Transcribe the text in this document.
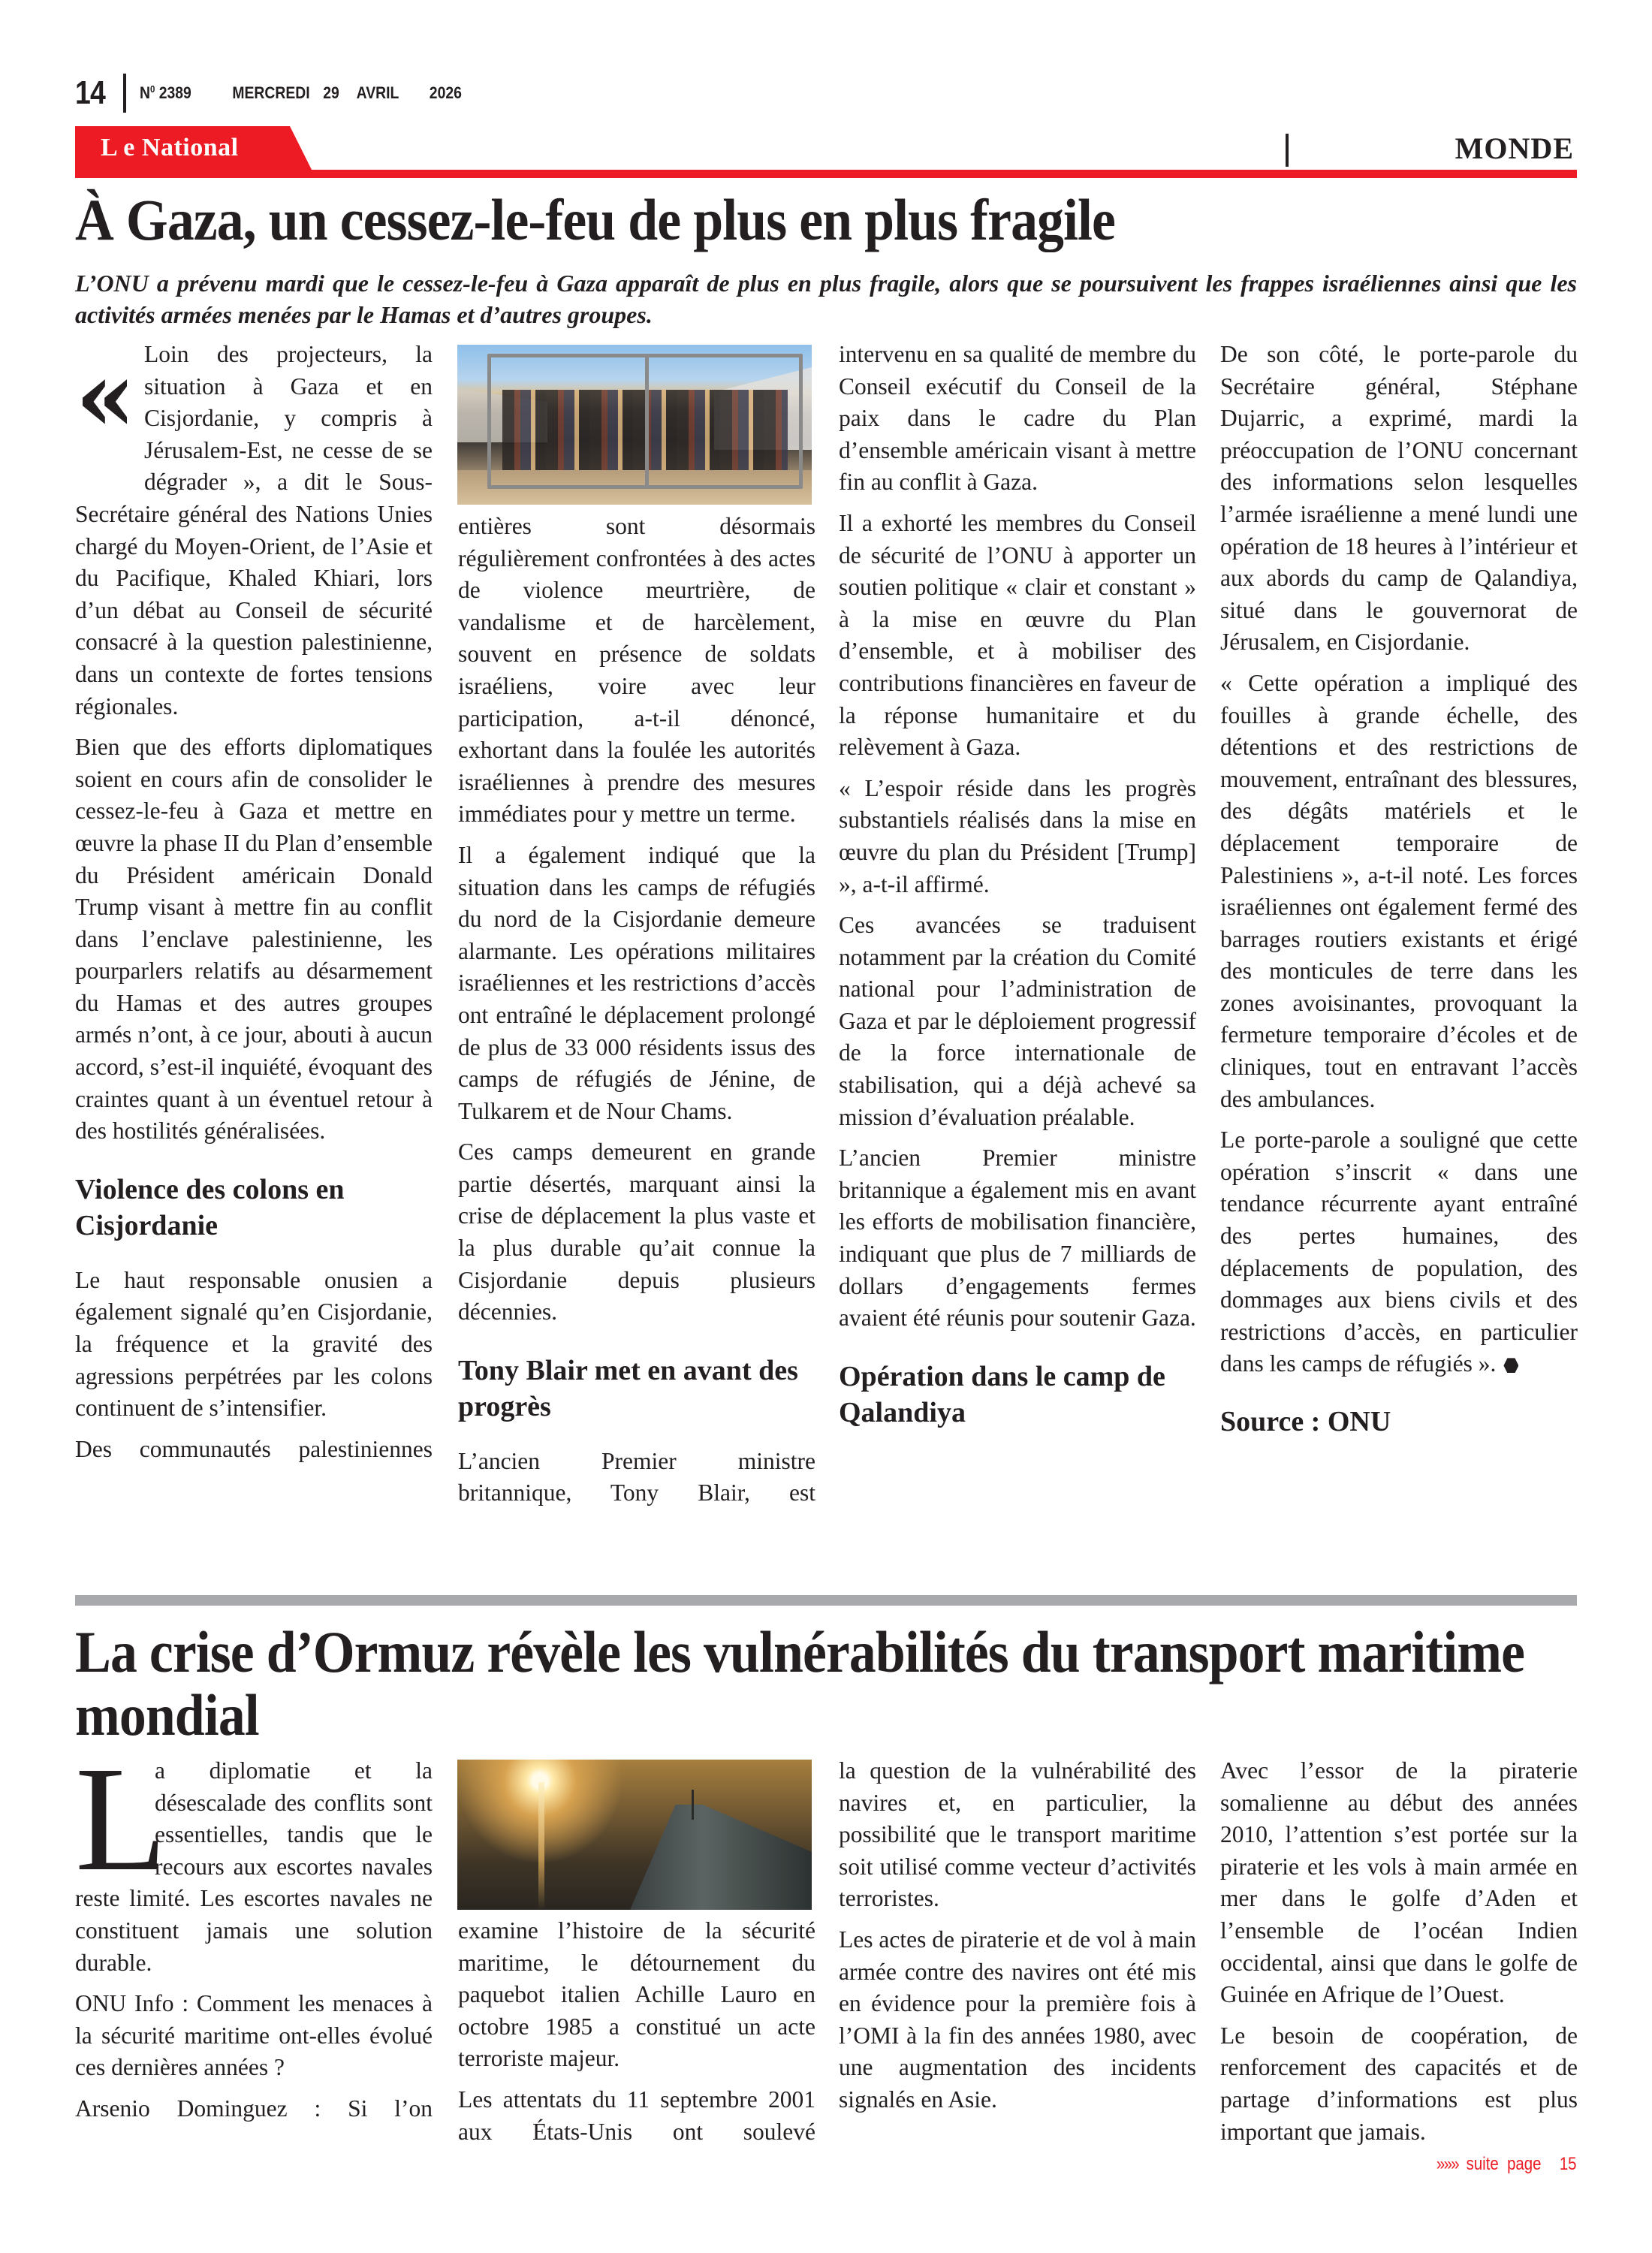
14	$N^0$ 2389 MERCREDI 29 AVRIL 2026
L e National	MONDE
À Gaza, un cessez-le-feu de plus en plus fragile

L’ONU a prévenu mardi que le cessez-le-feu à Gaza apparaît de plus en plus fragile, alors que se poursuivent les frappes israéliennes ainsi que les activités armées menées par le Hamas et d’autres groupes.

« Loin des projecteurs, la situation à Gaza et en Cisjordanie, y compris à Jérusalem-Est, ne cesse de se dégrader », a dit le Sous-Secrétaire général des Nations Unies chargé du Moyen-Orient, de l’Asie et du Pacifique, Khaled Khiari, lors d’un débat au Conseil de sécurité consacré à la question palestinienne, dans un contexte de fortes tensions régionales.

Bien que des efforts diplomatiques soient en cours afin de consolider le cessez-le-feu à Gaza et mettre en œuvre la phase II du Plan d’ensemble du Président américain Donald Trump visant à mettre fin au conflit dans l’enclave palestinienne, les pourparlers relatifs au désarmement du Hamas et des autres groupes armés n’ont, à ce jour, abouti à aucun accord, s’est-il inquiété, évoquant des craintes quant à un éventuel retour à des hostilités généralisées.

Violence des colons en Cisjordanie

Le haut responsable onusien a également signalé qu’en Cisjordanie, la fréquence et la gravité des agressions perpétrées par les colons continuent de s’intensifier.

Des communautés palestiniennes

entières sont désormais régulièrement confrontées à des actes de violence meurtrière, de vandalisme et de harcèlement, souvent en présence de soldats israéliens, voire avec leur participation, a-t-il dénoncé, exhortant dans la foulée les autorités israéliennes à prendre des mesures immédiates pour y mettre un terme.

Il a également indiqué que la situation dans les camps de réfugiés du nord de la Cisjordanie demeure alarmante. Les opérations militaires israéliennes et les restrictions d’accès ont entraîné le déplacement prolongé de plus de 33 000 résidents issus des camps de réfugiés de Jénine, de Tulkarem et de Nour Chams.

Ces camps demeurent en grande partie désertés, marquant ainsi la crise de déplacement la plus vaste et la plus durable qu’ait connue la Cisjordanie depuis plusieurs décennies.

Tony Blair met en avant des progrès

L’ancien Premier ministre britannique, Tony Blair, est

intervenu en sa qualité de membre du Conseil exécutif du Conseil de la paix dans le cadre du Plan d’ensemble américain visant à mettre fin au conflit à Gaza.

Il a exhorté les membres du Conseil de sécurité de l’ONU à apporter un soutien politique « clair et constant » à la mise en œuvre du Plan d’ensemble, et à mobiliser des contributions financières en faveur de la réponse humanitaire et du relèvement à Gaza.

« L’espoir réside dans les progrès substantiels réalisés dans la mise en œuvre du plan du Président [Trump] », a-t-il affirmé.

Ces avancées se traduisent notamment par la création du Comité national pour l’administration de Gaza et par le déploiement progressif de la force internationale de stabilisation, qui a déjà achevé sa mission d’évaluation préalable.

L’ancien Premier ministre britannique a également mis en avant les efforts de mobilisation financière, indiquant que plus de 7 milliards de dollars d’engagements fermes avaient été réunis pour soutenir Gaza.

Opération dans le camp de Qalandiya

De son côté, le porte-parole du Secrétaire général, Stéphane Dujarric, a exprimé, mardi la préoccupation de l’ONU concernant des informations selon lesquelles l’armée israélienne a mené lundi une opération de 18 heures à l’intérieur et aux abords du camp de Qalandiya, situé dans le gouvernorat de Jérusalem, en Cisjordanie.

« Cette opération a impliqué des fouilles à grande échelle, des détentions et des restrictions de mouvement, entraînant des blessures, des dégâts matériels et le déplacement temporaire de Palestiniens », a-t-il noté. Les forces israéliennes ont également fermé des barrages routiers existants et érigé des monticules de terre dans les zones avoisinantes, provoquant la fermeture temporaire d’écoles et de cliniques, tout en entravant l’accès des ambulances.

Le porte-parole a souligné que cette opération s’inscrit « dans une tendance récurrente ayant entraîné des pertes humaines, des déplacements de population, des dommages aux biens civils et des restrictions d’accès, en particulier dans les camps de réfugiés ».

Source : ONU

La crise d’Ormuz révèle les vulnérabilités du transport maritime mondial
L

a diplomatie et la désescalade des conflits sont essentielles, tandis que le recours aux escortes navales reste limité. Les escortes navales ne constituent jamais une solution durable.

ONU Info : Comment les menaces à la sécurité maritime ont-elles évolué ces dernières années ?

Arsenio Dominguez : Si l’on

examine l’histoire de la sécurité maritime, le détournement du paquebot italien Achille Lauro en octobre 1985 a constitué un acte terroriste majeur.

Les attentats du 11 septembre 2001 aux États-Unis ont soulevé

la question de la vulnérabilité des navires et, en particulier, la possibilité que le transport maritime soit utilisé comme vecteur d’activités terroristes.

Les actes de piraterie et de vol à main armée contre des navires ont été mis en évidence pour la première fois à l’OMI à la fin des années 1980, avec une augmentation des incidents signalés en Asie.

Avec l’essor de la piraterie somalienne au début des années 2010, l’attention s’est portée sur la piraterie et les vols à main armée en mer dans le golfe d’Aden et l’ensemble de l’océan Indien occidental, ainsi que dans le golfe de Guinée en Afrique de l’Ouest.

Le besoin de coopération, de renforcement des capacités et de partage d’informations est plus important que jamais.

»»» suite  page 15
